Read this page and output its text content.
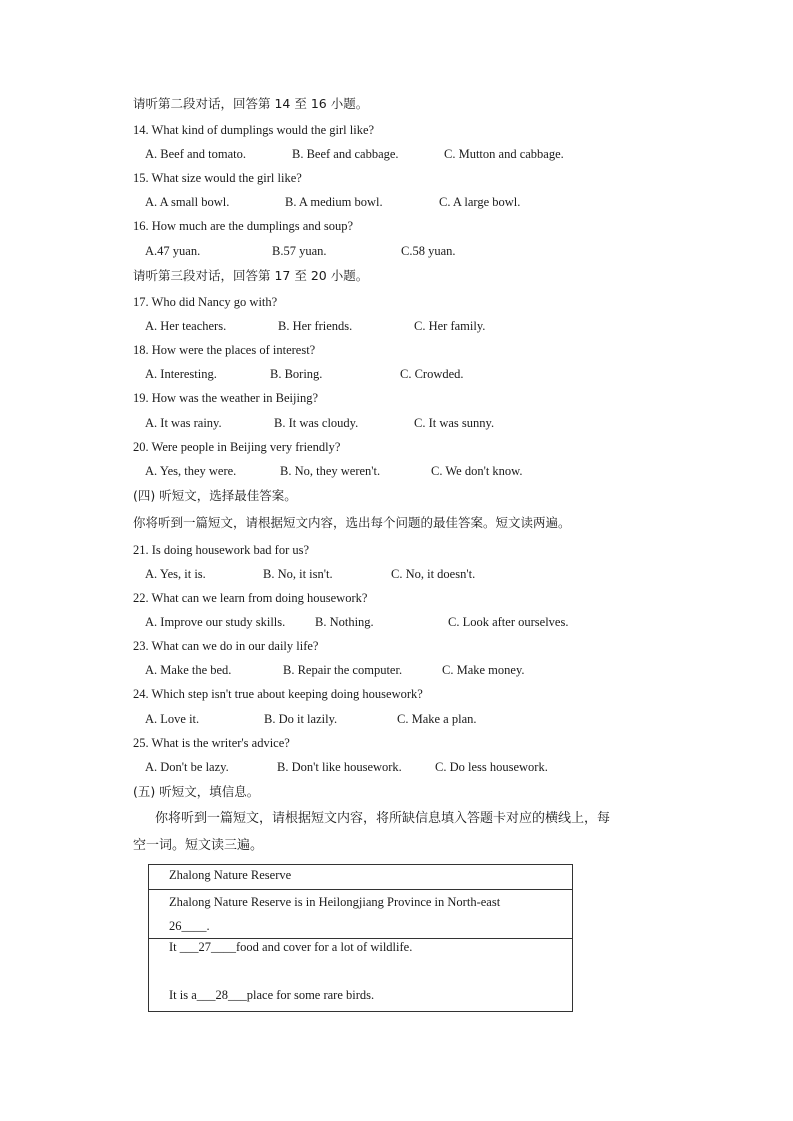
请听第二段对话，回答第 14 至 16 小题。
14. What kind of dumplings would the girl like?
A. Beef and tomato.	B. Beef and cabbage.	C. Mutton and cabbage.
15. What size would the girl like?
A. A small bowl.	B. A medium bowl.	C. A large bowl.
16. How much are the dumplings and soup?
A.47 yuan.	B.57 yuan.	C.58 yuan.
请听第三段对话，回答第 17 至 20 小题。
17. Who did Nancy go with?
A. Her teachers.	B. Her friends.	C. Her family.
18. How were the places of interest?
A. Interesting.	B. Boring.	C. Crowded.
19. How was the weather in Beijing?
A. It was rainy.	B. It was cloudy.	C. It was sunny.
20. Were people in Beijing very friendly?
A. Yes, they were.	B. No, they weren't.	C. We don't know.
(四) 听短文，选择最佳答案。
你将听到一篇短文，请根据短文内容，选出每个问题的最佳答案。短文读两遍。
21. Is doing housework bad for us?
A. Yes, it is.	B. No, it isn't.	C. No, it doesn't.
22. What can we learn from doing housework?
A. Improve our study skills. B. Nothing.	C. Look after ourselves.
23. What can we do in our daily life?
A. Make the bed.	B. Repair the computer.	C. Make money.
24. Which step isn't true about keeping doing housework?
A. Love it.	B. Do it lazily.	C. Make a plan.
25. What is the writer's advice?
A. Don't be lazy.	B. Don't like housework.	C. Do less housework.
(五) 听短文，填信息。
你将听到一篇短文，请根据短文内容，将所缺信息填入答题卡对应的横线上，每
空一词。短文读三遍。
Zhalong Nature Reserve

Zhalong Nature Reserve is in Heilongjiang Province in North-east
26____.

It ___27____food and cover for a lot of wildlife.
It is a___28___place for some rare birds.
